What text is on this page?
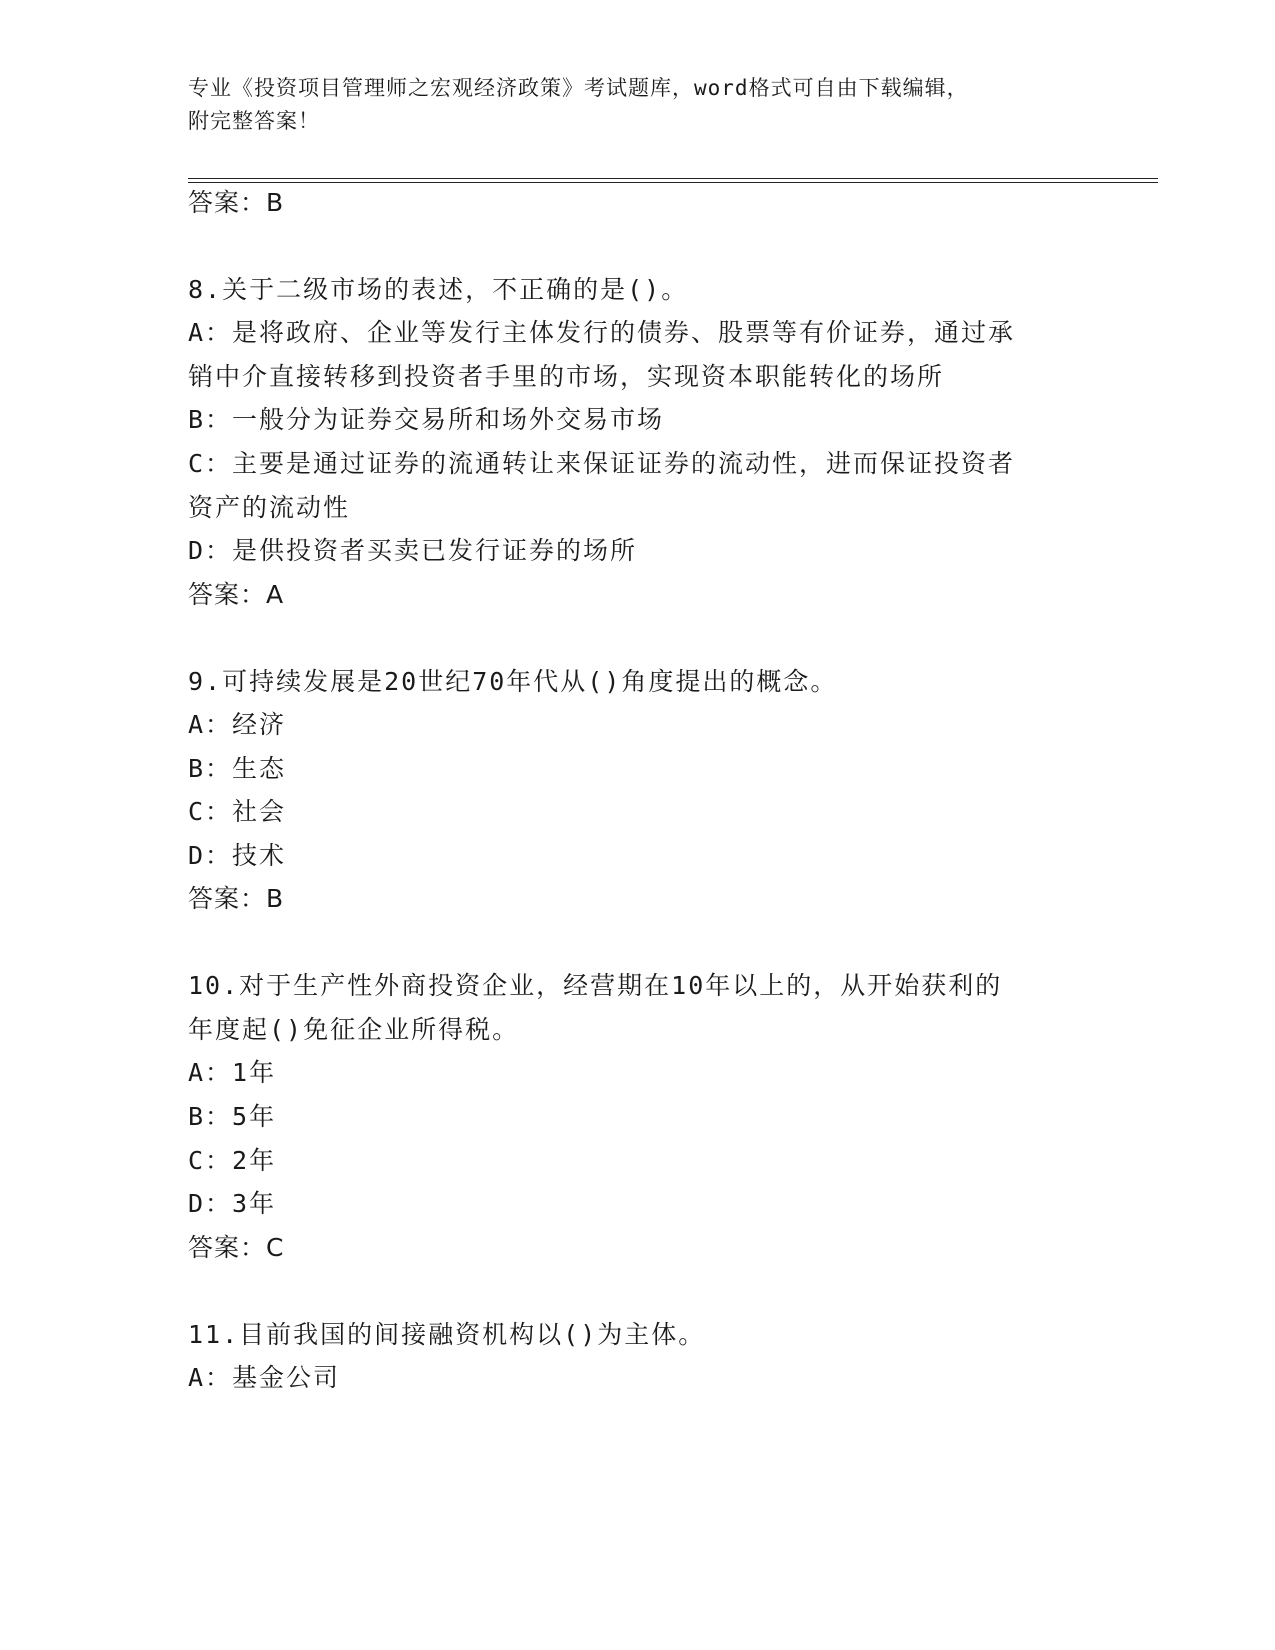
专业《投资项目管理师之宏观经济政策》考试题库，word格式可自由下载编辑，
附完整答案！
答案：B
8.关于二级市场的表述，不正确的是()。
A：是将政府、企业等发行主体发行的债券、股票等有价证券，通过承
销中介直接转移到投资者手里的市场，实现资本职能转化的场所
B：一般分为证券交易所和场外交易市场
C：主要是通过证券的流通转让来保证证券的流动性，进而保证投资者
资产的流动性
D：是供投资者买卖已发行证券的场所
答案：A
9.可持续发展是20世纪70年代从()角度提出的概念。
A：经济
B：生态
C：社会
D：技术
答案：B
10.对于生产性外商投资企业，经营期在10年以上的，从开始获利的
年度起()免征企业所得税。
A：1年
B：5年
C：2年
D：3年
答案：C
11.目前我国的间接融资机构以()为主体。
A：基金公司
